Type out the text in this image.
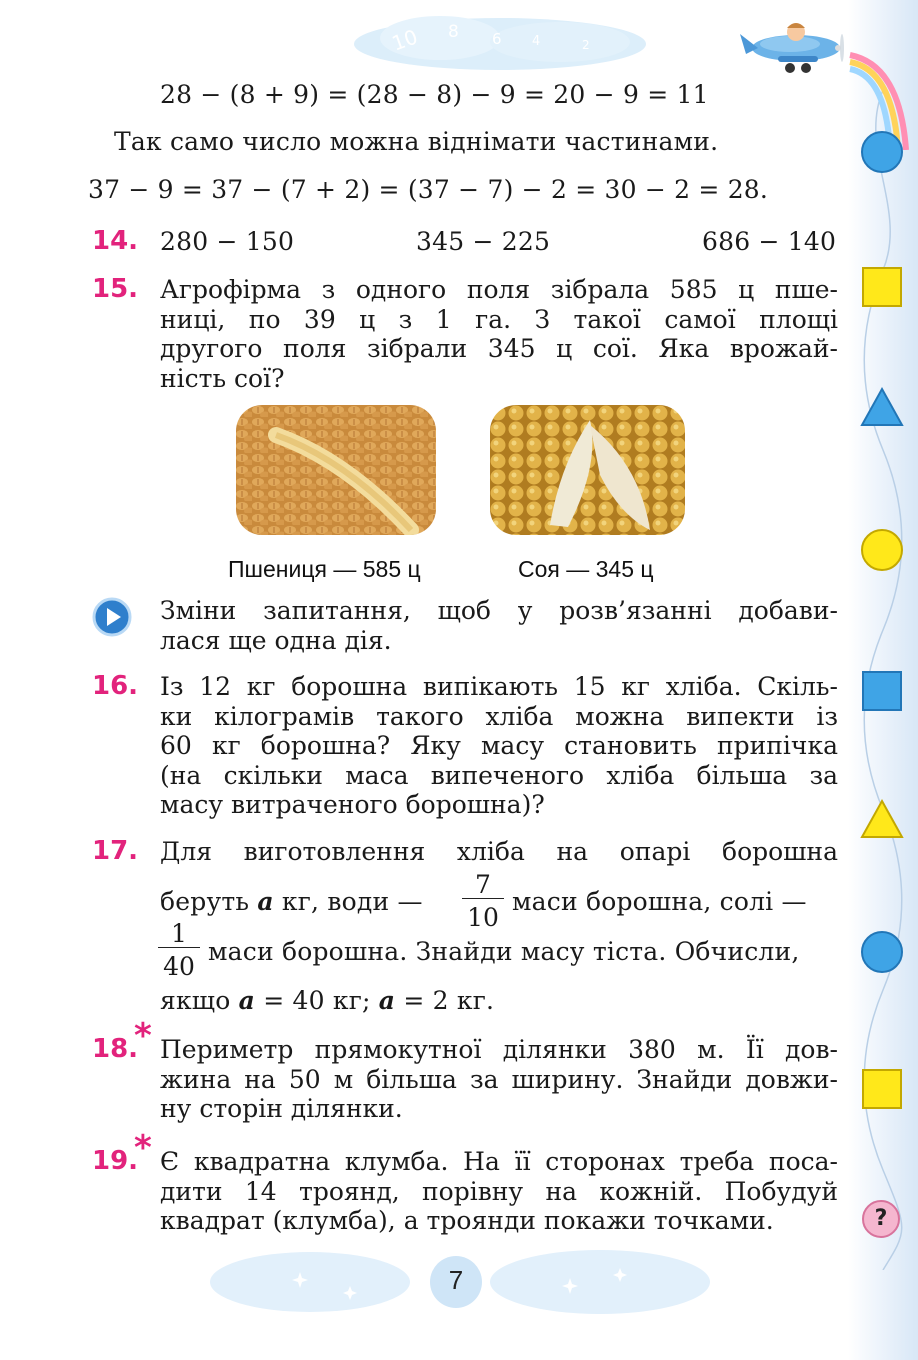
10 8 6 4	2
28 − (8 + 9) = (28 − 8) − 9 = 20 − 9 = 11
Так само число можна віднімати частинами.
37 − 9 = 37 − (7 + 2) = (37 − 7) − 2 = 30 − 2 = 28.
14. 280 − 150	345 − 225	686 − 140
15. Агрофірма з одного поля зібрала 585 ц пше-
ниці, по 39 ц з 1 га. З такої самої площі
другого поля зібрали 345 ц сої. Яка врожай-
ність сої?
Пшениця — 585 ц	Соя — 345 ц
Зміни запитання, щоб у розв’язанні добави-
лася ще одна дія.
16. Із 12 кг борошна випікають 15 кг хліба. Скіль-
ки кілограмів такого хліба можна випекти із
60 кг борошна? Яку масу становить припічка
(на скільки маса випеченого хліба більша за
масу витраченого борошна)?
17. Для виготовлення хліба на опарі борошна
беруть a кг, води —
7
10
маси борошна, солі —
1
40
маси борошна. Знайди масу тіста. Обчисли,
якщо a = 40 кг; a = 2 кг.
18.
* Периметр прямокутної ділянки 380 м. Її дов-
жина на 50 м більша за ширину. Знайди довжи-
ну сторін ділянки.
19.
* Є квадратна клумба. На її сторонах треба поса-
дити 14 троянд, порівну на кожній. Побудуй
квадрат (клумба), а троянди покажи точками.	?
7
